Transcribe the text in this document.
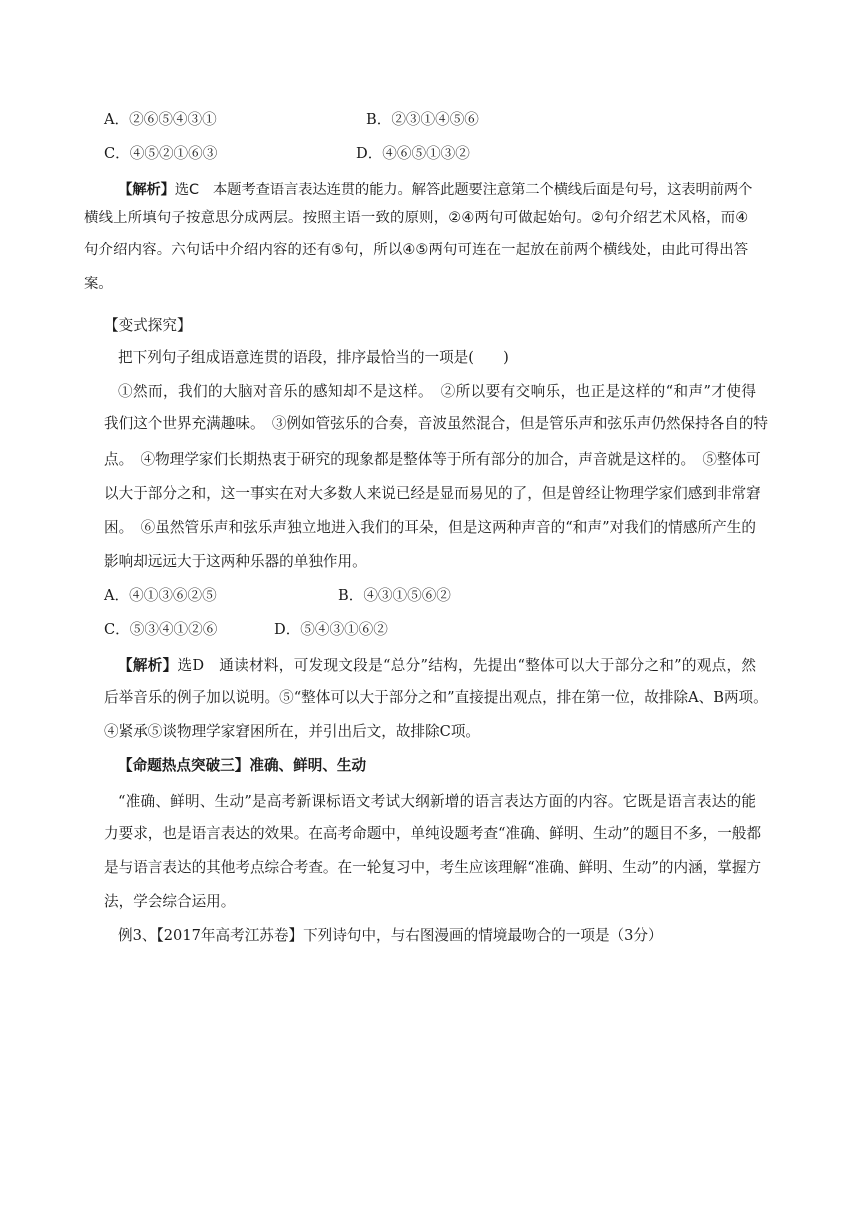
A．②⑥⑤④③①	B．②③①④⑤⑥
C．④⑤②①⑥③	D．④⑥⑤①③②
【解析】选C　本题考查语言表达连贯的能力。解答此题要注意第二个横线后面是句号，这表明前两个
横线上所填句子按意思分成两层。按照主语一致的原则，②④两句可做起始句。②句介绍艺术风格，而④
句介绍内容。六句话中介绍内容的还有⑤句，所以④⑤两句可连在一起放在前两个横线处，由此可得出答
案。
【变式探究】
把下列句子组成语意连贯的语段，排序最恰当的一项是(　　)
①然而，我们的大脑对音乐的感知却不是这样。　②所以要有交响乐，也正是这样的“和声”才使得
我们这个世界充满趣味。　③例如管弦乐的合奏，音波虽然混合，但是管乐声和弦乐声仍然保持各自的特
点。　④物理学家们长期热衷于研究的现象都是整体等于所有部分的加合，声音就是这样的。　⑤整体可
以大于部分之和，这一事实在对大多数人来说已经是显而易见的了，但是曾经让物理学家们感到非常窘
困。　⑥虽然管乐声和弦乐声独立地进入我们的耳朵，但是这两种声音的“和声”对我们的情感所产生的
影响却远远大于这两种乐器的单独作用。
A．④①③⑥②⑤	B．④③①⑤⑥②
C．⑤③④①②⑥	D．⑤④③①⑥②
【解析】选D　通读材料，可发现文段是“总分”结构，先提出“整体可以大于部分之和”的观点，然
后举音乐的例子加以说明。⑤“整体可以大于部分之和”直接提出观点，排在第一位，故排除A、B两项。
④紧承⑤谈物理学家窘困所在，并引出后文，故排除C项。
【命题热点突破三】准确、鲜明、生动
“准确、鲜明、生动”是高考新课标语文考试大纲新增的语言表达方面的内容。它既是语言表达的能
力要求，也是语言表达的效果。在高考命题中，单纯设题考查“准确、鲜明、生动”的题目不多，一般都
是与语言表达的其他考点综合考查。在一轮复习中，考生应该理解“准确、鲜明、生动”的内涵，掌握方
法，学会综合运用。
例3、【2017年高考江苏卷】下列诗句中，与右图漫画的情境最吻合的一项是（3分）
